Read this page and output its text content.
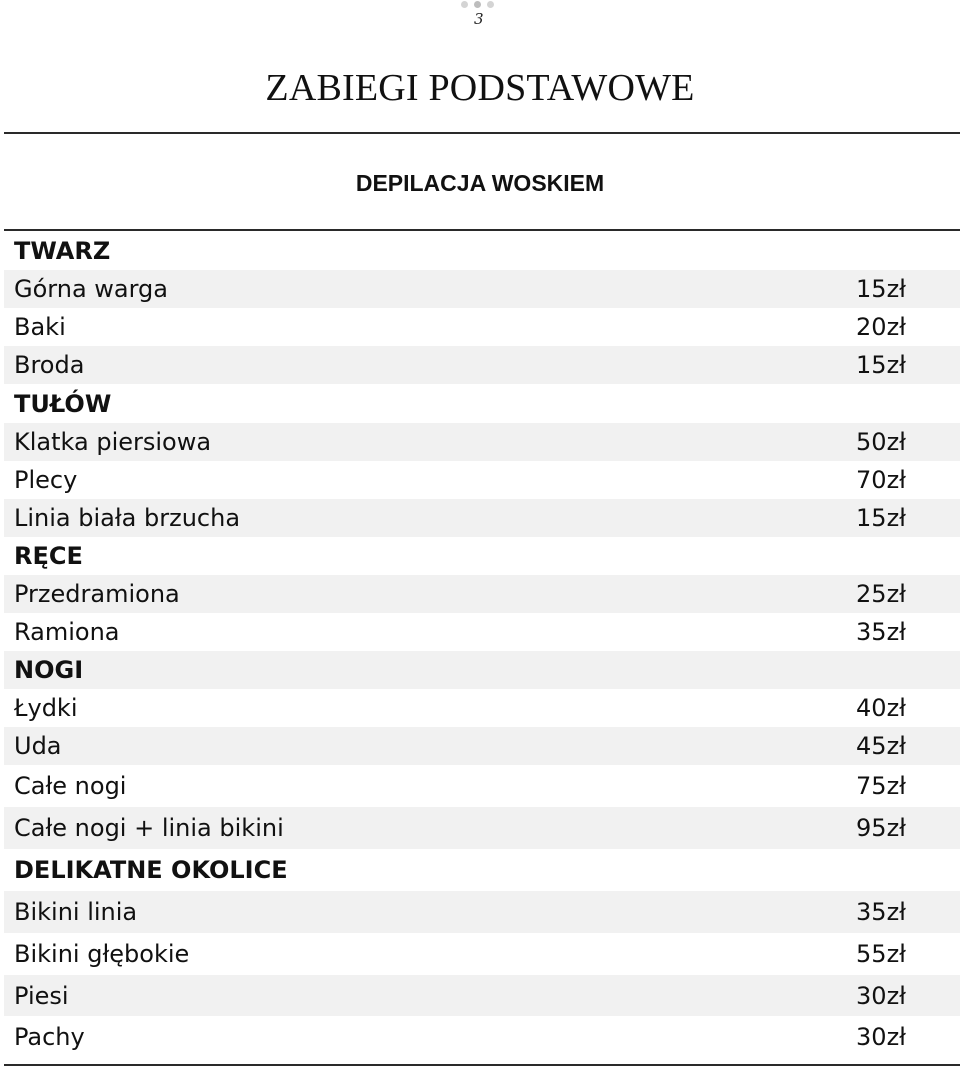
3
ZABIEGI PODSTAWOWE
DEPILACJA WOSKIEM
TWARZ
Górna warga	15zł
Baki	20zł
Broda	15zł
TUŁÓW
Klatka piersiowa	50zł
Plecy	70zł
Linia biała brzucha	15zł
RĘCE
Przedramiona	25zł
Ramiona	35zł
NOGI
Łydki	40zł
Uda	45zł
Całe nogi	75zł
Całe nogi + linia bikini	95zł
DELIKATNE OKOLICE
Bikini linia	35zł
Bikini głębokie	55zł
Piesi	30zł
Pachy	30zł
